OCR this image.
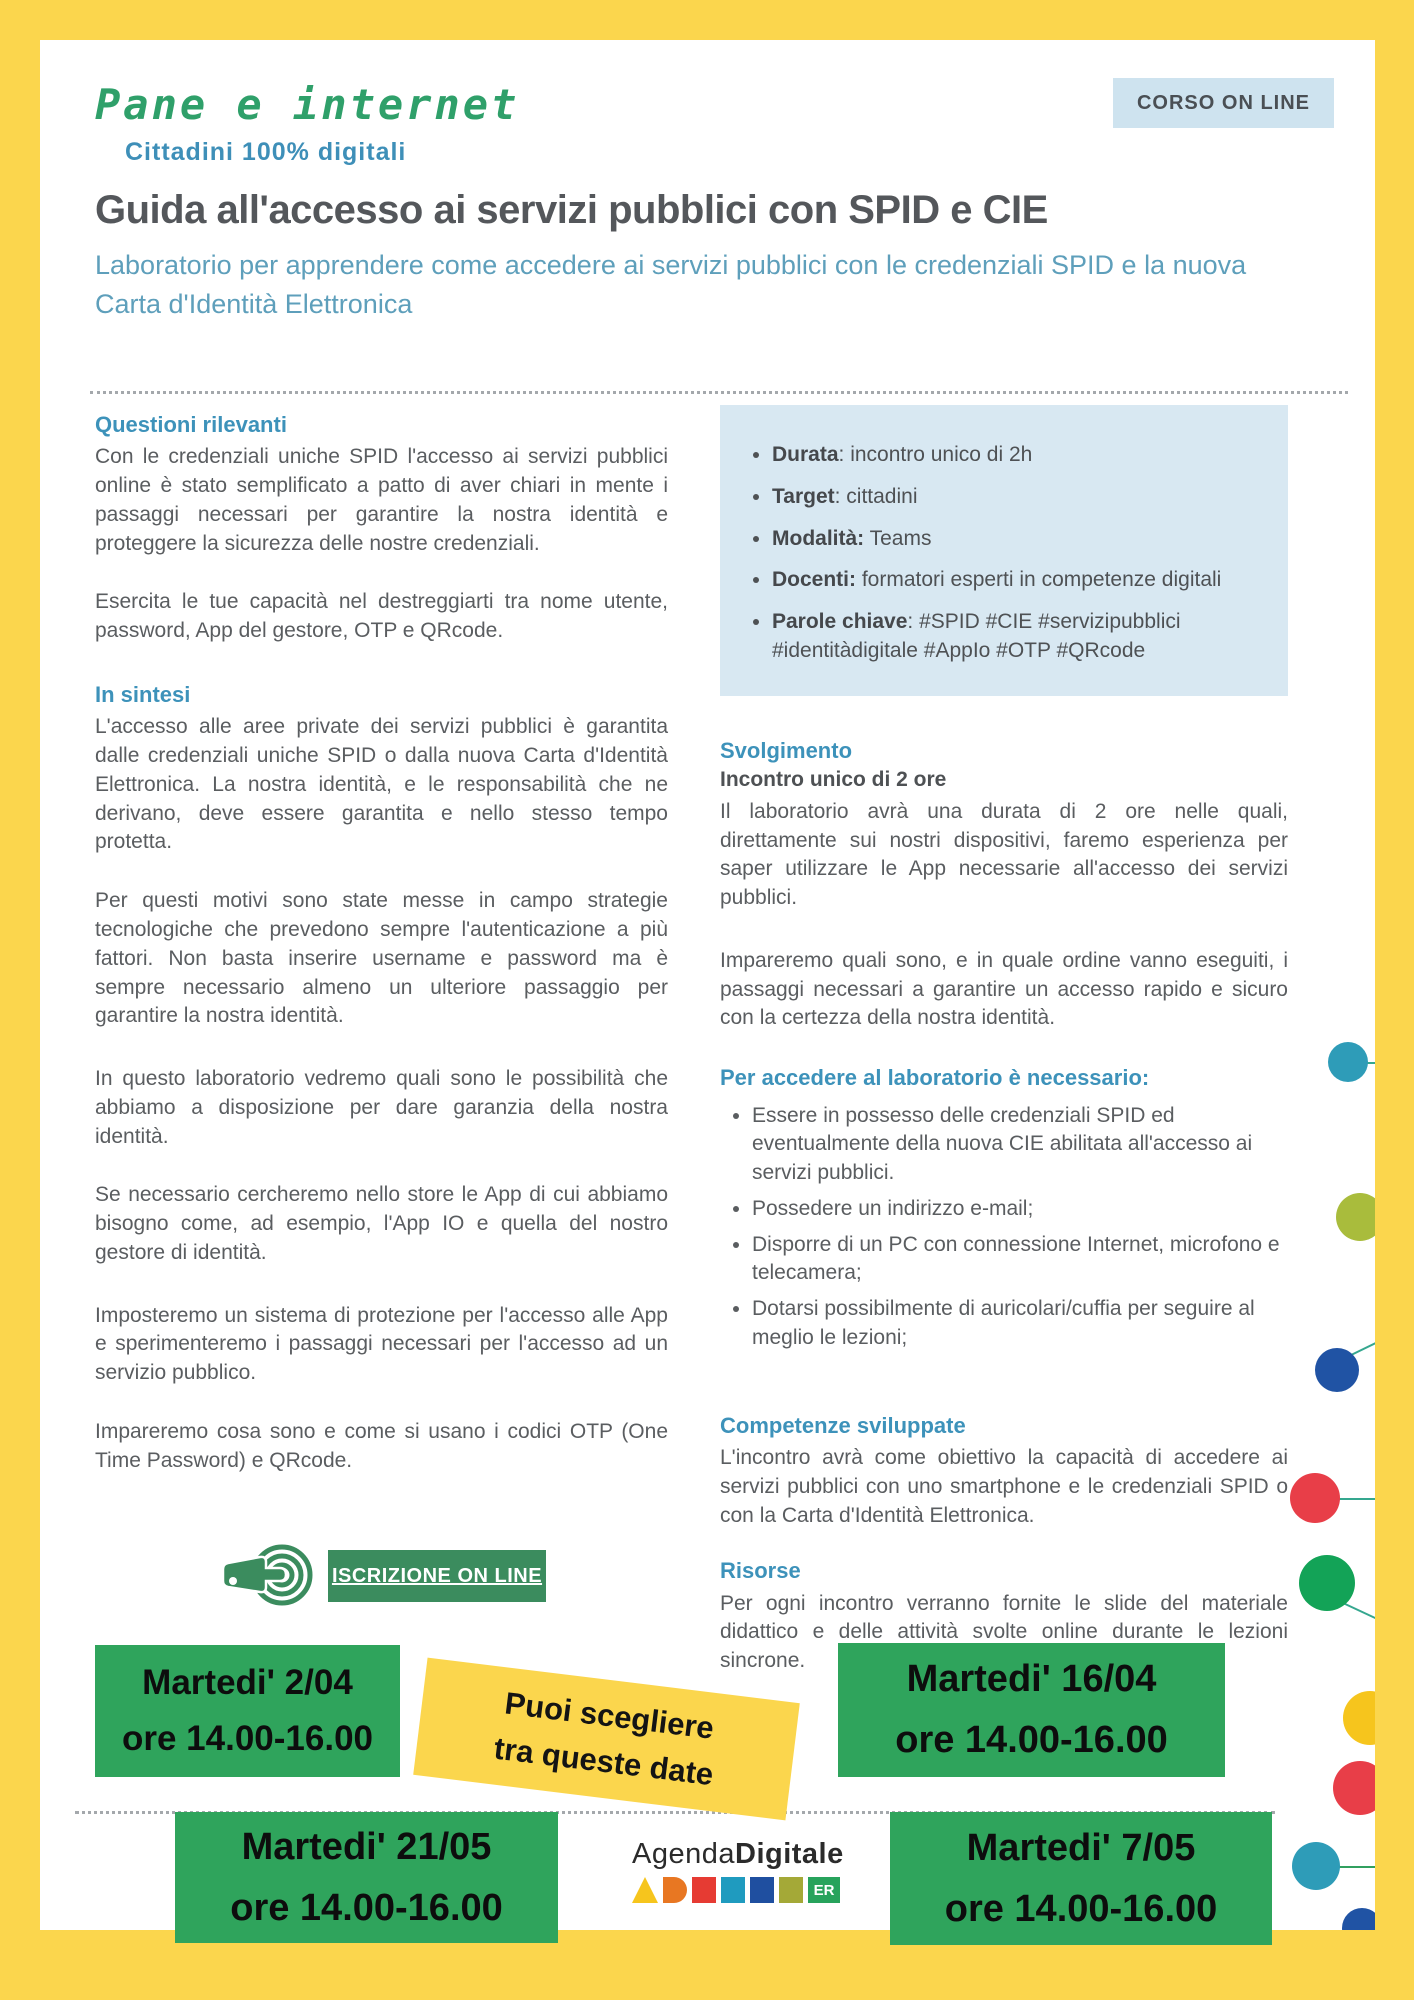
Pane e internet
Cittadini 100% digitali
CORSO ON LINE
Guida all'accesso ai servizi pubblici con SPID e CIE
Laboratorio per apprendere come accedere ai servizi pubblici con le credenziali SPID e la nuova Carta d'Identità Elettronica
Questioni rilevanti

Con le credenziali uniche SPID l'accesso ai servizi pubblici online è stato semplificato a patto di aver chiari in mente i passaggi necessari per garantire la nostra identità e proteggere la sicurezza delle nostre credenziali.

Esercita le tue capacità nel destreggiarti tra nome utente, password, App del gestore, OTP e QRcode.

In sintesi

L'accesso alle aree private dei servizi pubblici è garantita dalle credenziali uniche SPID o dalla nuova Carta d'Identità Elettronica. La nostra identità, e le responsabilità che ne derivano, deve essere garantita e nello stesso tempo protetta.

Per questi motivi sono state messe in campo strategie tecnologiche che prevedono sempre l'autenticazione a più fattori. Non basta inserire username e password ma è sempre necessario almeno un ulteriore passaggio per garantire la nostra identità.

In questo laboratorio vedremo quali sono le possibilità che abbiamo a disposizione per dare garanzia della nostra identità.

Se necessario cercheremo nello store le App di cui abbiamo bisogno come, ad esempio, l'App IO e quella del nostro gestore di identità.

Imposteremo un sistema di protezione per l'accesso alle App e sperimenteremo i passaggi necessari per l'accesso ad un servizio pubblico.

Impareremo cosa sono e come si usano i codici OTP (One Time Password) e QRcode.

• Durata: incontro unico di 2h
• Target: cittadini
• Modalità: Teams
• Docenti: formatori esperti in competenze digitali
• Parole chiave: #SPID #CIE #servizipubblici #identitàdigitale #AppIo #OTP #QRcode
Svolgimento
Incontro unico di 2 ore

Il laboratorio avrà una durata di 2 ore nelle quali, direttamente sui nostri dispositivi, faremo esperienza per saper utilizzare le App necessarie all'accesso dei servizi pubblici.

Impareremo quali sono, e in quale ordine vanno eseguiti, i passaggi necessari a garantire un accesso rapido e sicuro con la certezza della nostra identità.

Per accedere al laboratorio è necessario:
• Essere in possesso delle credenziali SPID ed eventualmente della nuova CIE abilitata all'accesso ai servizi pubblici.
• Possedere un indirizzo e-mail;
• Disporre di un PC con connessione Internet, microfono e telecamera;
• Dotarsi possibilmente di auricolari/cuffia per seguire al meglio le lezioni;
Competenze sviluppate

L'incontro avrà come obiettivo la capacità di accedere ai servizi pubblici con uno smartphone e le credenziali SPID o con la Carta d'Identità Elettronica.

Risorse

Per ogni incontro verranno fornite le slide del materiale didattico e delle attività svolte online durante le lezioni sincrone.

ISCRIZIONE ON LINE
Martedi' 2/04
ore 14.00-16.00	Puoi scegliere
tra queste date
Martedi' 16/04
ore 14.00-16.00
Martedi' 21/05
ore 14.00-16.00
Martedi' 7/05
ore 14.00-16.00
AgendaDigitale
ER
